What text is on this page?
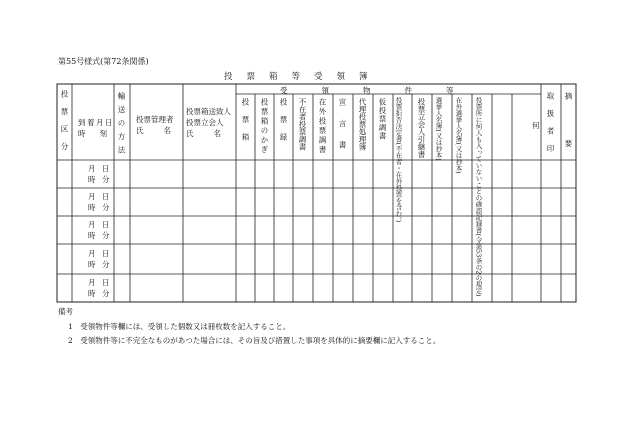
第55号様式(第72条関係)
投票箱等受領簿
投票区分 到着月日
時刻
輸送の方法 投票管理者
氏名
投票箱送致人
投票立会人
氏名
受領物件等
投票箱 投票箱のかぎ 投票録 不在者投票調書 在外投票調書 宣言書 代理投票処理簿 仮投票調書 投票拒否決定書(不在者・在外投票を含む。) 投票立会人引継書 選挙人名簿(又は抄本) 在外選挙人名簿(又は抄本) 投票所に何人も入っていないことの確認記録書(令第53条の2の規定)	何 取扱者印 摘要
月 日
時 分
月 日
時 分
月 日
時 分
月 日
時 分
月 日
時 分
備考
1　受領物件等欄には、受領した個数又は冊枚数を記入すること。
2　受領物件等に不完全なものがあつた場合には、その旨及び措置した事項を具体的に摘要欄に記入すること。
